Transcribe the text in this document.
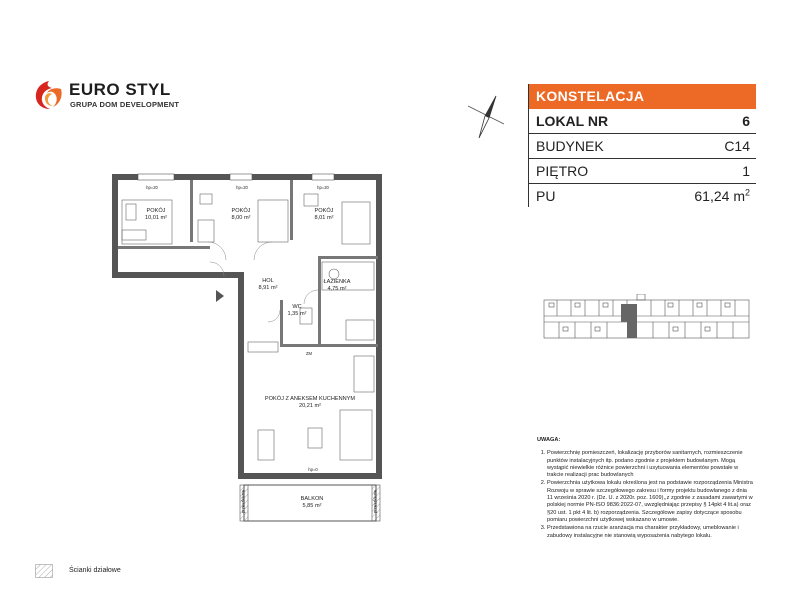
EURO STYL
GRUPA DOM DEVELOPMENT
KONSTELACJA
LOKAL NR	6
BUDYNEK	C14
PIĘTRO	1
PU	61,24 $m^2$
UWAGA:
1. Powierzchnię pomieszczeń, lokalizację przyborów sanitarnych, rozmieszczenie punktów instalacyjnych itp. podano zgodnie z projektem budowlanym. Mogą wystąpić niewielkie różnice powierzchni i usytuowania elementów powstałe w trakcie realizacji prac budowlanych
2. Powierzchnia użytkowa lokalu określona jest na podstawie rozporządzenia Ministra Rozwoju w sprawie szczegółowego zakresu i formy projektu budowlanego z dnia 11 września 2020 r. (Dz. U. z 2020r. poz. 1609),,z zgodnie z zasadami zawartymi w polskiej normie PN-ISO 9836:2022-07, uwzględniając przepisy § 14pkt 4 lit.a) oraz §20 ust. 1 pkt 4 lit. b) rozporządzenia. Szczegółowe zapisy dotyczące sposobu pomiaru powierzchni użytkowej wskazano w umowie.
3. Przedstawiona na rzucie aranżacja ma charakter przykładowy, umeblowanie i zabudowy instalacyjne nie stanowią wyposażenia nabytego lokalu.
hp=20	hp=20	hp=20
hp=0
POKÓJ
10,01 m²
POKÓJ
8,00 m²
POKÓJ
8,01 m²
HOL
8,91 m²
ŁAZIENKA
4,75 m²
WC
1,35 m²
POKÓJ Z ANEKSEM KUCHENNYM
20,21 m²
BALKON
5,85 m²
ZM
przeszklenie	przeszklenie
Ścianki działowe
